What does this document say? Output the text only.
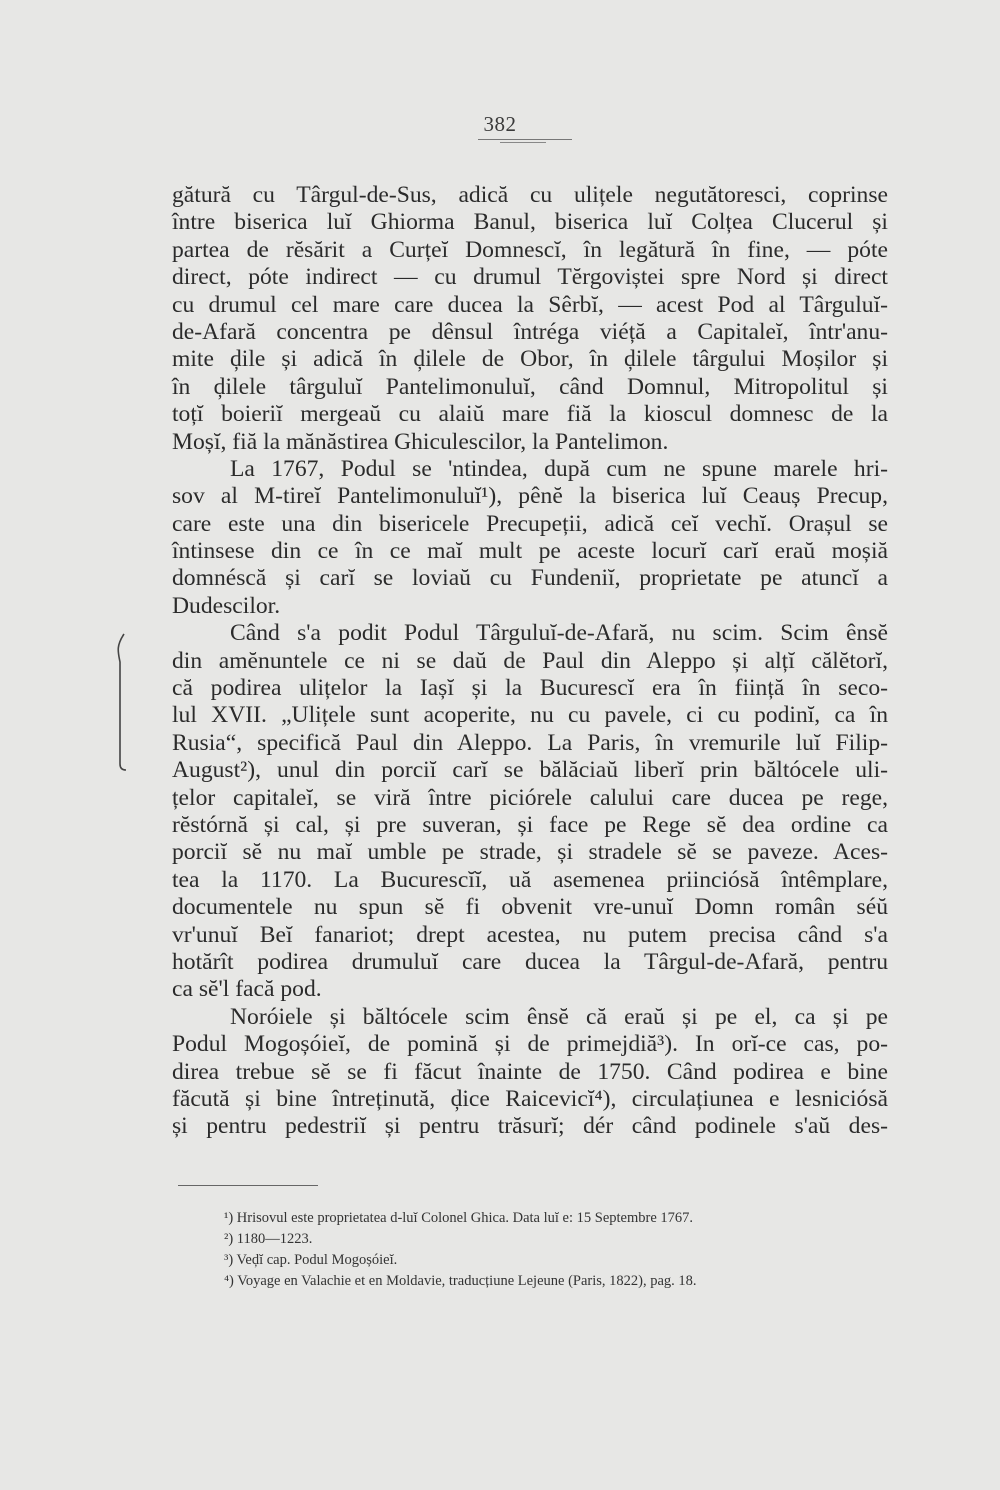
382
gătură cu Târgul-de-Sus, adică cu ulițele negutătoresci, coprinse
între biserica luĭ Ghiorma Banul, biserica luĭ Colțea Clucerul și
partea de rĕsărit a Curțeĭ Domnescĭ, în legătură în fine, — póte
direct, póte indirect — cu drumul Tĕrgoviștei spre Nord și direct
cu drumul cel mare care ducea la Sêrbĭ, — acest Pod al Târguluĭ-
de-Afară concentra pe dênsul întréga viéță a Capitaleĭ, într'anu-
mite ḑile și adică în ḑilele de Obor, în ḑilele târgului Moșilor și
în ḑilele târguluĭ Pantelimonuluĭ, când Domnul, Mitropolitul și
toțĭ boieriĭ mergeaŭ cu alaiŭ mare fiă la kioscul domnesc de la
Moșĭ, fiă la mănăstirea Ghiculescilor, la Pantelimon.
La 1767, Podul se 'ntindea, după cum ne spune marele hri-
sov al M-tireĭ Pantelimonuluĭ¹), pênĕ la biserica luĭ Ceauș Precup,
care este una din bisericele Precupeții, adică ceĭ vechĭ. Orașul se
întinsese din ce în ce maĭ mult pe aceste locurĭ carĭ eraŭ moșiă
domnéscă și carĭ se loviaŭ cu Fundeniĭ, proprietate pe atuncĭ a
Dudescilor.
Când s'a podit Podul Târguluĭ-de-Afară, nu scim. Scim ênsĕ
din amĕnuntele ce ni se daŭ de Paul din Aleppo și alțĭ călĕtorĭ,
că podirea ulițelor la Iașĭ și la Bucurescĭ era în ființă în seco-
lul XVII. „Ulițele sunt acoperite, nu cu pavele, ci cu podinĭ, ca în
Rusia“, specifică Paul din Aleppo. La Paris, în vremurile luĭ Filip-
August²), unul din porciĭ carĭ se bălăciaŭ liberĭ prin băltócele uli-
țelor capitaleĭ, se viră între piciórele calului care ducea pe rege,
rĕstórnă și cal, și pre suveran, și face pe Rege sĕ dea ordine ca
porciĭ sĕ nu maĭ umble pe strade, și stradele sĕ se paveze. Aces-
tea la 1170. La Bucurescĭĭ, uă asemenea priinciósă întêmplare,
documentele nu spun sĕ fi obvenit vre-unuĭ Domn român séŭ
vr'unuĭ Beĭ fanariot; drept acestea, nu putem precisa când s'a
hotărît podirea drumuluĭ care ducea la Târgul-de-Afară, pentru
ca sĕ'l facă pod.
Noróiele și băltócele scim ênsĕ că eraŭ și pe el, ca și pe
Podul Mogoșóieĭ, de pomină și de primejdiă³). In orĭ-ce cas, po-
direa trebue sĕ se fi făcut înainte de 1750. Când podirea e bine
făcută și bine întreținută, ḑice Raicevicĭ⁴), circulațiunea e lesniciósă
și pentru pedestriĭ și pentru trăsurĭ; dér când podinele s'aŭ des-
¹) Hrisovul este proprietatea d-luĭ Colonel Ghica. Data luĭ e: 15 Septembre 1767.
²) 1180—1223.
³) Veḑĭ cap. Podul Mogoșóieĭ.
⁴) Voyage en Valachie et en Moldavie, traducțiune Lejeune (Paris, 1822), pag. 18.
